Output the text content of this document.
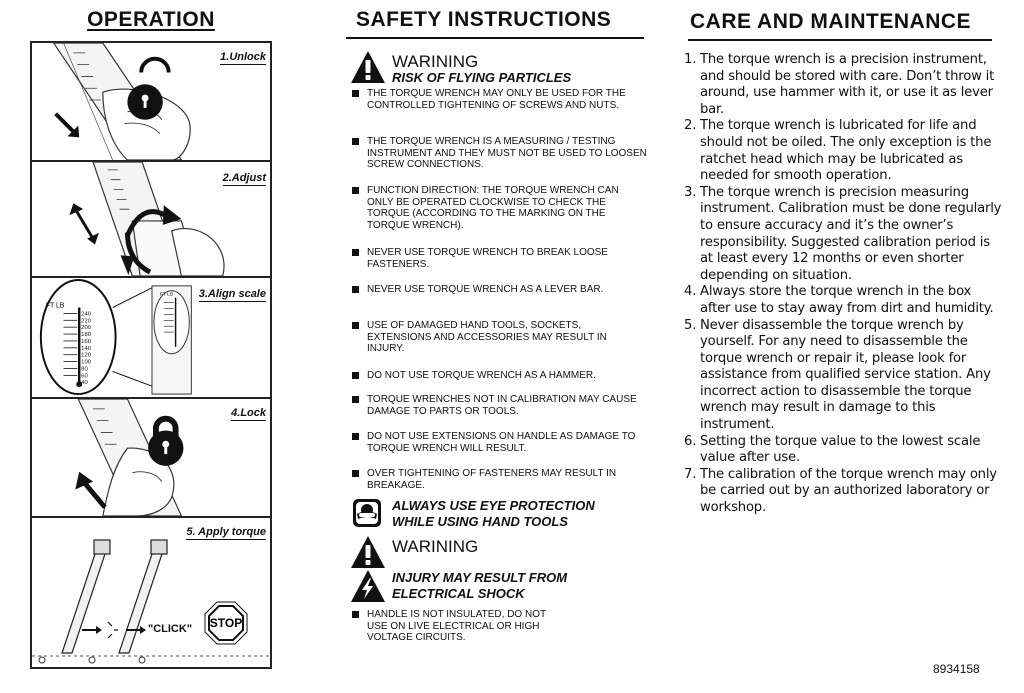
OPERATION
1.Unlock
2.Adjust
FT LB
FT LB
240
220
200
180
160
140
120
100
80
60
40
3.Align scale
4.Lock
STOP
"CLICK"
5. Apply torque
SAFETY INSTRUCTIONS
WARINING
RISK OF FLYING PARTICLES
THE TORQUE WRENCH MAY ONLY BE USED FOR THE CONTROLLED TIGHTENING OF SCREWS AND NUTS.
THE TORQUE WRENCH IS A MEASURING / TESTING INSTRUMENT AND THEY MUST NOT BE USED TO LOOSEN SCREW CONNECTIONS.
FUNCTION DIRECTION: THE TORQUE WRENCH CAN ONLY BE OPERATED CLOCKWISE TO CHECK THE TORQUE (ACCORDING TO THE MARKING ON THE TORQUE WRENCH).
NEVER USE TORQUE WRENCH TO BREAK LOOSE FASTENERS.
NEVER USE TORQUE WRENCH AS A LEVER BAR.
USE OF DAMAGED HAND TOOLS, SOCKETS, EXTENSIONS AND ACCESSORIES MAY RESULT IN INJURY.
DO NOT USE TORQUE WRENCH AS A HAMMER.
TORQUE WRENCHES NOT IN CALIBRATION MAY CAUSE DAMAGE TO PARTS OR TOOLS.
DO NOT USE EXTENSIONS ON HANDLE AS DAMAGE TO TORQUE WRENCH WILL RESULT.
OVER TIGHTENING OF FASTENERS MAY RESULT IN BREAKAGE.
ALWAYS USE EYE PROTECTION
WHILE USING HAND TOOLS
WARINING
INJURY MAY RESULT FROM
ELECTRICAL SHOCK
HANDLE IS NOT INSULATED, DO NOT USE ON LIVE ELECTRICAL OR HIGH VOLTAGE CIRCUITS.
CARE AND MAINTENANCE
1. The torque wrench is a precision instrument, and should be stored with care. Don’t throw it around, use hammer with it, or use it as lever bar.
2. The torque wrench is lubricated for life and should not be oiled. The only exception is the ratchet head which may be lubricated as needed for smooth operation.
3. The torque wrench is precision measuring instrument. Calibration must be done regularly to ensure accuracy and it’s the owner’s responsibility. Suggested calibration period is at least every 12 months or even shorter depending on situation.
4. Always store the torque wrench in the box after use to stay away from dirt and humidity.
5. Never disassemble the torque wrench by yourself. For any need to disassemble the torque wrench or repair it, please look for assistance from qualified service station. Any incorrect action to disassemble the torque wrench may result in damage to this instrument.
6. Setting the torque value to the lowest scale value after use.
7. The calibration of the torque wrench may only be carried out by an authorized laboratory or workshop.
8934158
